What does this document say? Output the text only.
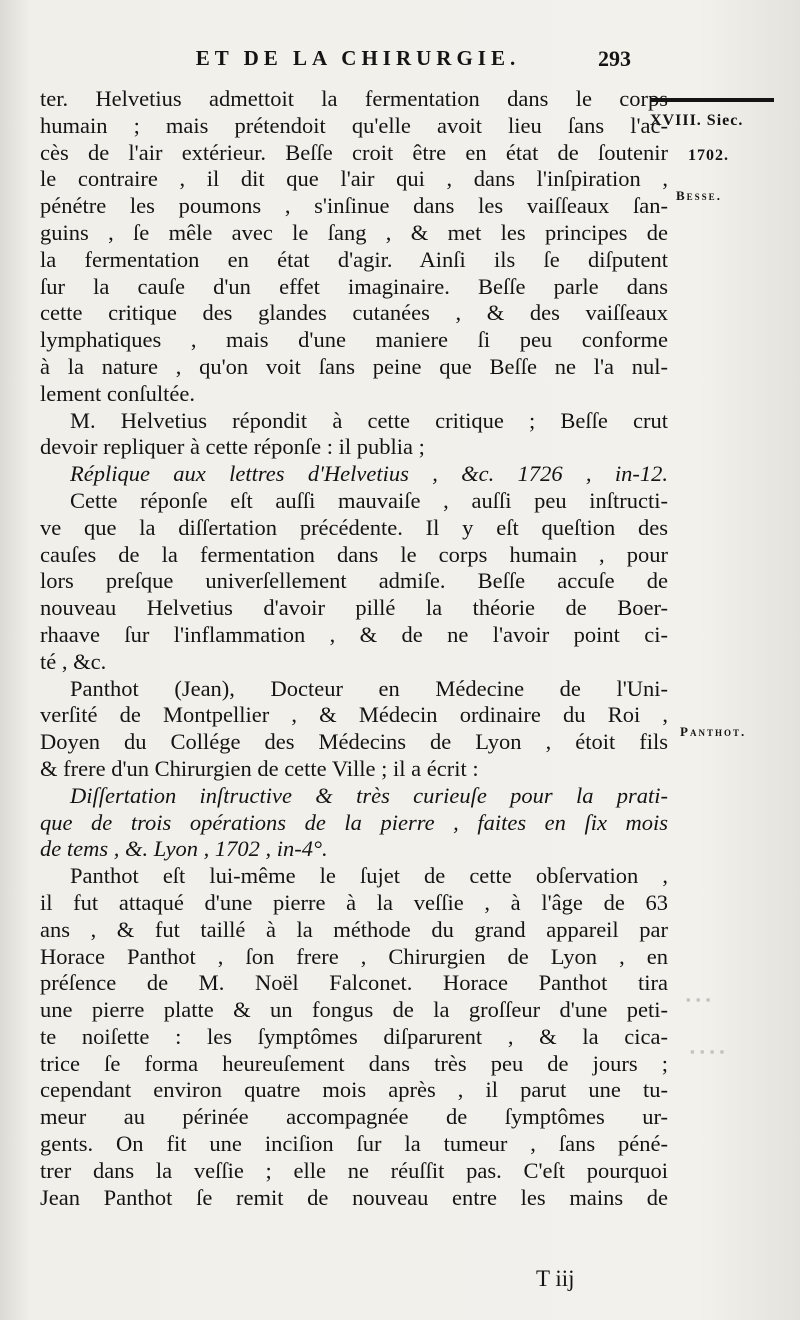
ET DE LA CHIRURGIE.	293
XVIII. Siec.
1702.
Besse.
Panthot.
▪ ▪ ▪
▪ ▪ ▪ ▪
ter. Helvetius admettoit la fermentation dans le corps
humain ; mais prétendoit qu'elle avoit lieu ſans l'ac-
cès de l'air extérieur. Beſſe croit être en état de ſoutenir
le contraire , il dit que l'air qui , dans l'inſpiration ,
pénétre les poumons , s'inſinue dans les vaiſſeaux ſan-
guins , ſe mêle avec le ſang , & met les principes de
la fermentation en état d'agir. Ainſi ils ſe diſputent
ſur la cauſe d'un effet imaginaire. Beſſe parle dans
cette critique des glandes cutanées , & des vaiſſeaux
lymphatiques , mais d'une maniere ſi peu conforme
à la nature , qu'on voit ſans peine que Beſſe ne l'a nul-
lement conſultée.
M. Helvetius répondit à cette critique ; Beſſe crut
devoir repliquer à cette réponſe : il publia ;
Réplique aux lettres d'Helvetius , &c. 1726 , in-12.
Cette réponſe eſt auſſi mauvaiſe , auſſi peu inſtructi-
ve que la diſſertation précédente. Il y eſt queſtion des
cauſes de la fermentation dans le corps humain , pour
lors preſque univerſellement admiſe. Beſſe accuſe de
nouveau Helvetius d'avoir pillé la théorie de Boer-
rhaave ſur l'inflammation , & de ne l'avoir point ci-
té , &c.
Panthot (Jean), Docteur en Médecine de l'Uni-
verſité de Montpellier , & Médecin ordinaire du Roi ,
Doyen du Collége des Médecins de Lyon , étoit fils
& frere d'un Chirurgien de cette Ville ; il a écrit :
Diſſertation inſtructive & très curieuſe pour la prati-
que de trois opérations de la pierre , faites en ſix mois
de tems , &. Lyon , 1702 , in-4°.
Panthot eſt lui-même le ſujet de cette obſervation ,
il fut attaqué d'une pierre à la veſſie , à l'âge de 63
ans , & fut taillé à la méthode du grand appareil par
Horace Panthot , ſon frere , Chirurgien de Lyon , en
préſence de M. Noël Falconet. Horace Panthot tira
une pierre platte & un fongus de la groſſeur d'une peti-
te noiſette : les ſymptômes diſparurent , & la cica-
trice ſe forma heureuſement dans très peu de jours ;
cependant environ quatre mois après , il parut une tu-
meur au périnée accompagnée de ſymptômes ur-
gents. On fit une inciſion ſur la tumeur , ſans péné-
trer dans la veſſie ; elle ne réuſſit pas. C'eſt pourquoi
Jean Panthot ſe remit de nouveau entre les mains de
T iij
